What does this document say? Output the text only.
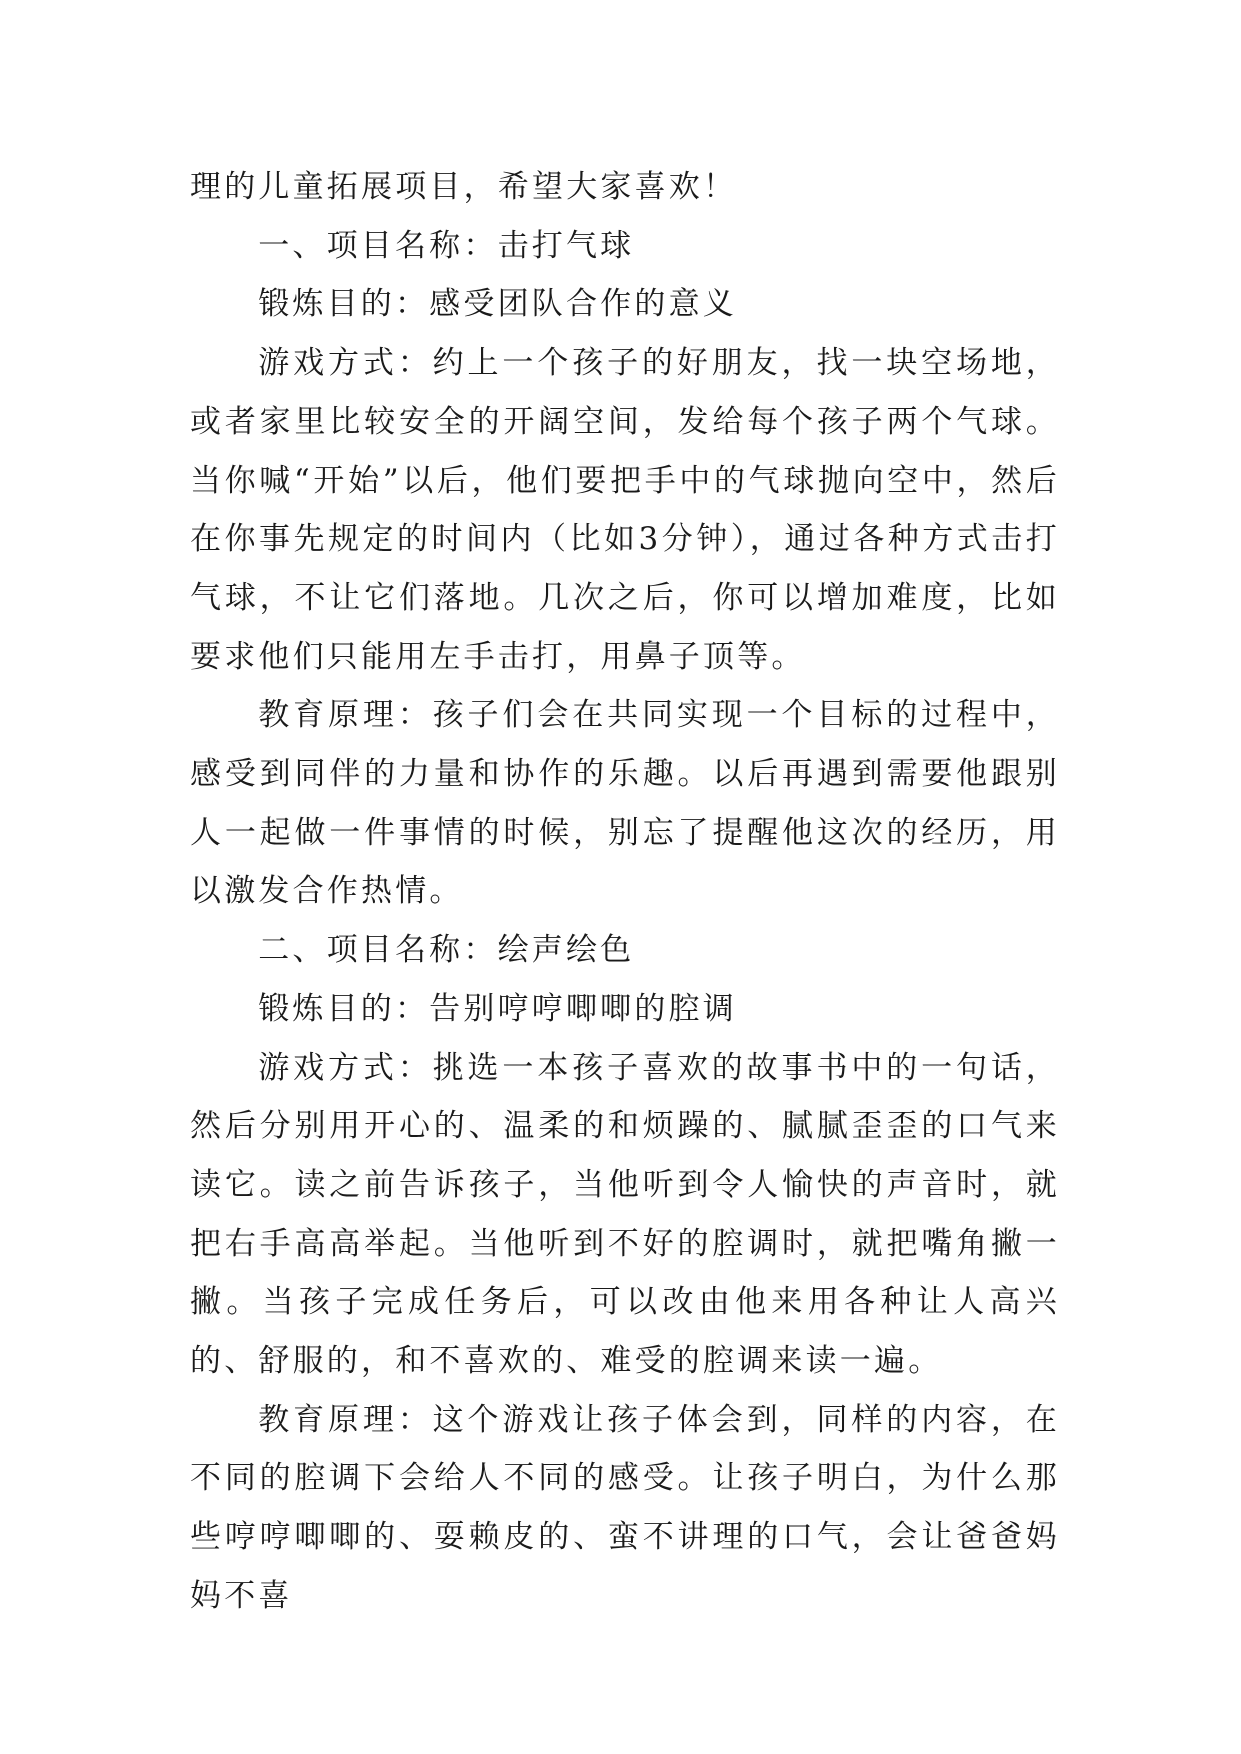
理的儿童拓展项目，希望大家喜欢！

一、项目名称：击打气球

锻炼目的：感受团队合作的意义

游戏方式：约上一个孩子的好朋友，找一块空场地，或者家里比较安全的开阔空间，发给每个孩子两个气球。当你喊“开始”以后，他们要把手中的气球抛向空中，然后在你事先规定的时间内（比如3分钟），通过各种方式击打气球，不让它们落地。几次之后，你可以增加难度，比如要求他们只能用左手击打，用鼻子顶等。

教育原理：孩子们会在共同实现一个目标的过程中，感受到同伴的力量和协作的乐趣。以后再遇到需要他跟别人一起做一件事情的时候，别忘了提醒他这次的经历，用以激发合作热情。

二、项目名称：绘声绘色

锻炼目的：告别哼哼唧唧的腔调

游戏方式：挑选一本孩子喜欢的故事书中的一句话，然后分别用开心的、温柔的和烦躁的、腻腻歪歪的口气来读它。读之前告诉孩子，当他听到令人愉快的声音时，就把右手高高举起。当他听到不好的腔调时，就把嘴角撇一撇。当孩子完成任务后，可以改由他来用各种让人高兴的、舒服的，和不喜欢的、难受的腔调来读一遍。

教育原理：这个游戏让孩子体会到，同样的内容，在不同的腔调下会给人不同的感受。让孩子明白，为什么那些哼哼唧唧的、耍赖皮的、蛮不讲理的口气，会让爸爸妈妈不喜
